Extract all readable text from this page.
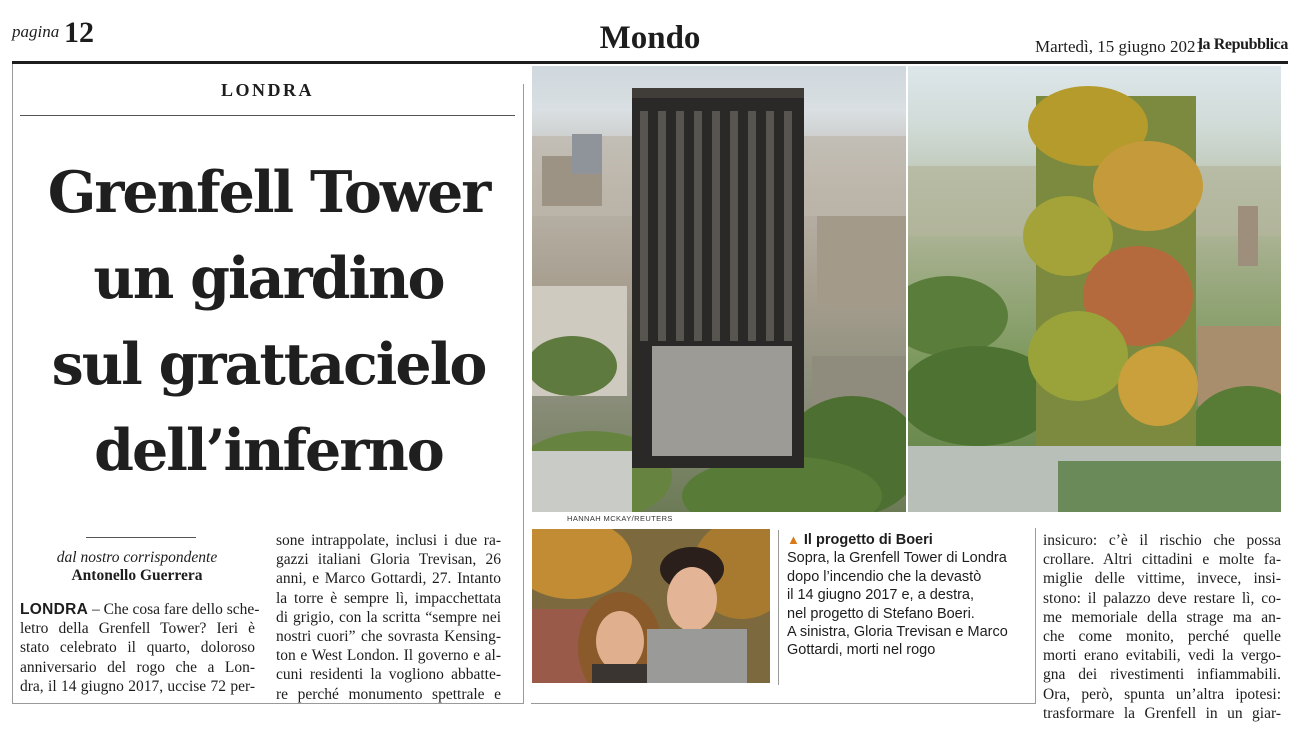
pagina 12	Mondo	Martedì, 15 giugno 2021
la Repubblica
LONDRA
Grenfell Tower
un giardino
sul grattacielo
dell’inferno
dal nostro corrispondente
Antonello Guerrera
LONDRA – Che cosa fare dello sche-
letro della Grenfell Tower? Ieri è
stato celebrato il quarto, doloroso
anniversario del rogo che a Lon-
dra, il 14 giugno 2017, uccise 72 per-
sone intrappolate, inclusi i due ra-
gazzi italiani Gloria Trevisan, 26
anni, e Marco Gottardi, 27. Intanto
la torre è sempre lì, impacchettata
di grigio, con la scritta “sempre nei
nostri cuori” che sovrasta Kensing-
ton e West London. Il governo e al-
cuni residenti la vogliono abbatte-
re perché monumento spettrale e
HANNAH MCKAY/REUTERS
▲ Il progetto di Boeri
Sopra, la Grenfell Tower di Londra
dopo l’incendio che la devastò
il 14 giugno 2017 e, a destra,
nel progetto di Stefano Boeri.
A sinistra, Gloria Trevisan e Marco
Gottardi, morti nel rogo
insicuro: c’è il rischio che possa
crollare. Altri cittadini e molte fa-
miglie delle vittime, invece, insi-
stono: il palazzo deve restare lì, co-
me memoriale della strage ma an-
che come monito, perché quelle
morti erano evitabili, vedi la vergo-
gna dei rivestimenti infiammabili.
Ora, però, spunta un’altra ipotesi:
trasformare la Grenfell in un giar-
